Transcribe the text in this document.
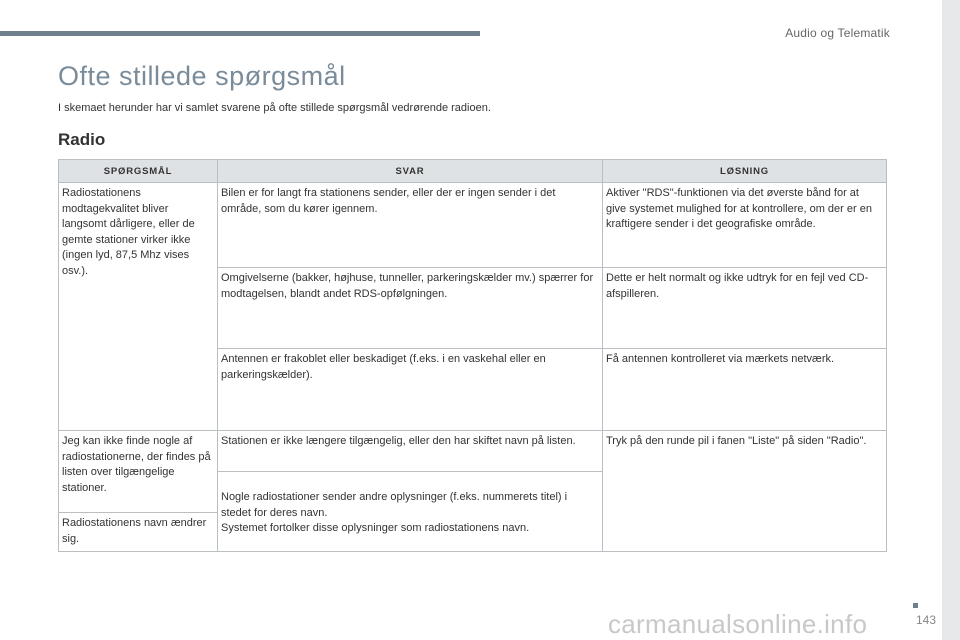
Audio og Telematik
Ofte stillede spørgsmål
I skemaet herunder har vi samlet svarene på ofte stillede spørgsmål vedrørende radioen.
Radio
SPØRGSMÅL	SVAR	LØSNING
Radiostationens modtagekvalitet bliver langsomt dårligere, eller de gemte stationer virker ikke (ingen lyd, 87,5 Mhz vises osv.).	Bilen er for langt fra stationens sender, eller der er ingen sender i det område, som du kører igennem.	Aktiver "RDS"-funktionen via det øverste bånd for at give systemet mulighed for at kontrollere, om der er en kraftigere sender i det geografiske område.
	Omgivelserne (bakker, højhuse, tunneller, parkeringskælder mv.) spærrer for modtagelsen, blandt andet RDS-opfølgningen.	Dette er helt normalt og ikke udtryk for en fejl ved CD-afspilleren.
	Antennen er frakoblet eller beskadiget (f.eks. i en vaskehal eller en parkeringskælder).	Få antennen kontrolleret via mærkets netværk.
Jeg kan ikke finde nogle af radiostationerne, der findes på listen over tilgængelige stationer.	Stationen er ikke længere tilgængelig, eller den har skiftet navn på listen.	Tryk på den runde pil i fanen "Liste" på siden "Radio".

	Nogle radiostationer sender andre oplysninger (f.eks. nummerets titel) i stedet for deres navn.
Systemet fortolker disse oplysninger som radiostationens navn.	

Radiostationens navn ændrer sig.		
143
carmanualsonline.info
